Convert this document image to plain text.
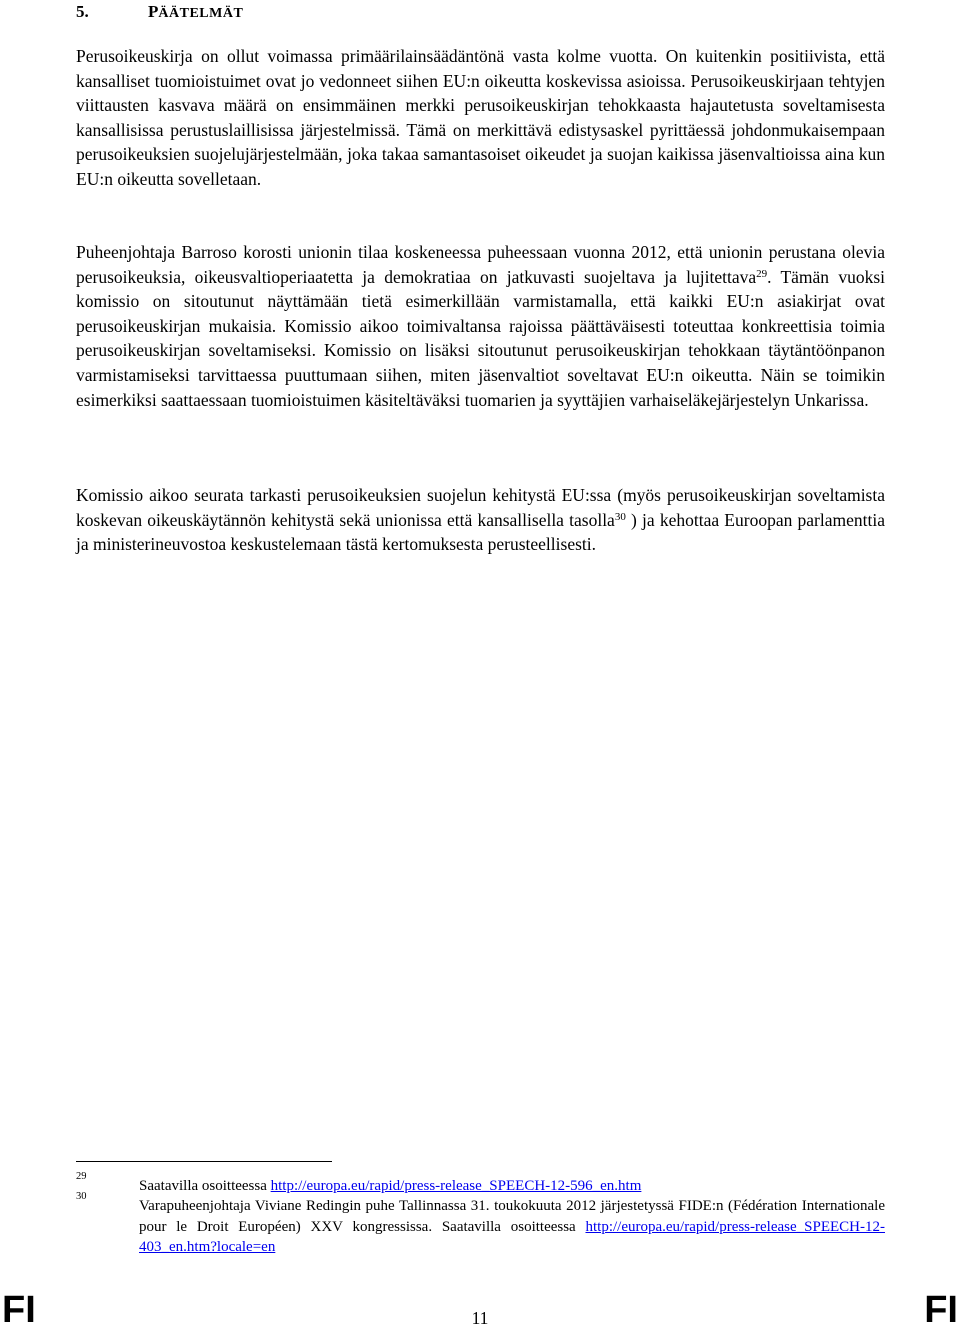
5.	PÄÄTELMÄT

Perusoikeuskirja on ollut voimassa primäärilainsäädäntönä vasta kolme vuotta. On kuitenkin positiivista, että kansalliset tuomioistuimet ovat jo vedonneet siihen EU:n oikeutta koskevissa asioissa. Perusoikeuskirjaan tehtyjen viittausten kasvava määrä on ensimmäinen merkki perusoikeuskirjan tehokkaasta hajautetusta soveltamisesta kansallisissa perustuslaillisissa järjestelmissä. Tämä on merkittävä edistysaskel pyrittäessä johdonmukaisempaan perusoikeuksien suojelujärjestelmään, joka takaa samantasoiset oikeudet ja suojan kaikissa jäsenvaltioissa aina kun EU:n oikeutta sovelletaan.

Puheenjohtaja Barroso korosti unionin tilaa koskeneessa puheessaan vuonna 2012, että unionin perustana olevia perusoikeuksia, oikeusvaltioperiaatetta ja demokratiaa on jatkuvasti suojeltava ja lujitettava$^{29}$. Tämän vuoksi komissio on sitoutunut näyttämään tietä esimerkillään varmistamalla, että kaikki EU:n asiakirjat ovat perusoikeuskirjan mukaisia. Komissio aikoo toimivaltansa rajoissa päättäväisesti toteuttaa konkreettisia toimia perusoikeuskirjan soveltamiseksi. Komissio on lisäksi sitoutunut perusoikeuskirjan tehokkaan täytäntöönpanon varmistamiseksi tarvittaessa puuttumaan siihen, miten jäsenvaltiot soveltavat EU:n oikeutta. Näin se toimikin esimerkiksi saattaessaan tuomioistuimen käsiteltäväksi tuomarien ja syyttäjien varhaiseläkejärjestelyn Unkarissa.

Komissio aikoo seurata tarkasti perusoikeuksien suojelun kehitystä EU:ssa (myös perusoikeuskirjan soveltamista koskevan oikeuskäytännön kehitystä sekä unionissa että kansallisella tasolla$^{30}$ ) ja kehottaa Euroopan parlamenttia ja ministerineuvostoa keskustelemaan tästä kertomuksesta perusteellisesti.

29
Saatavilla osoitteessa http://europa.eu/rapid/press-release_SPEECH-12-596_en.htm
30
Varapuheenjohtaja Viviane Redingin puhe Tallinnassa 31. toukokuuta 2012 järjestetyssä FIDE:n (Fédération Internationale pour le Droit Européen) XXV kongressissa. Saatavilla osoitteessa http://europa.eu/rapid/press-release_SPEECH-12-403_en.htm?locale=en
FI	11	FI
